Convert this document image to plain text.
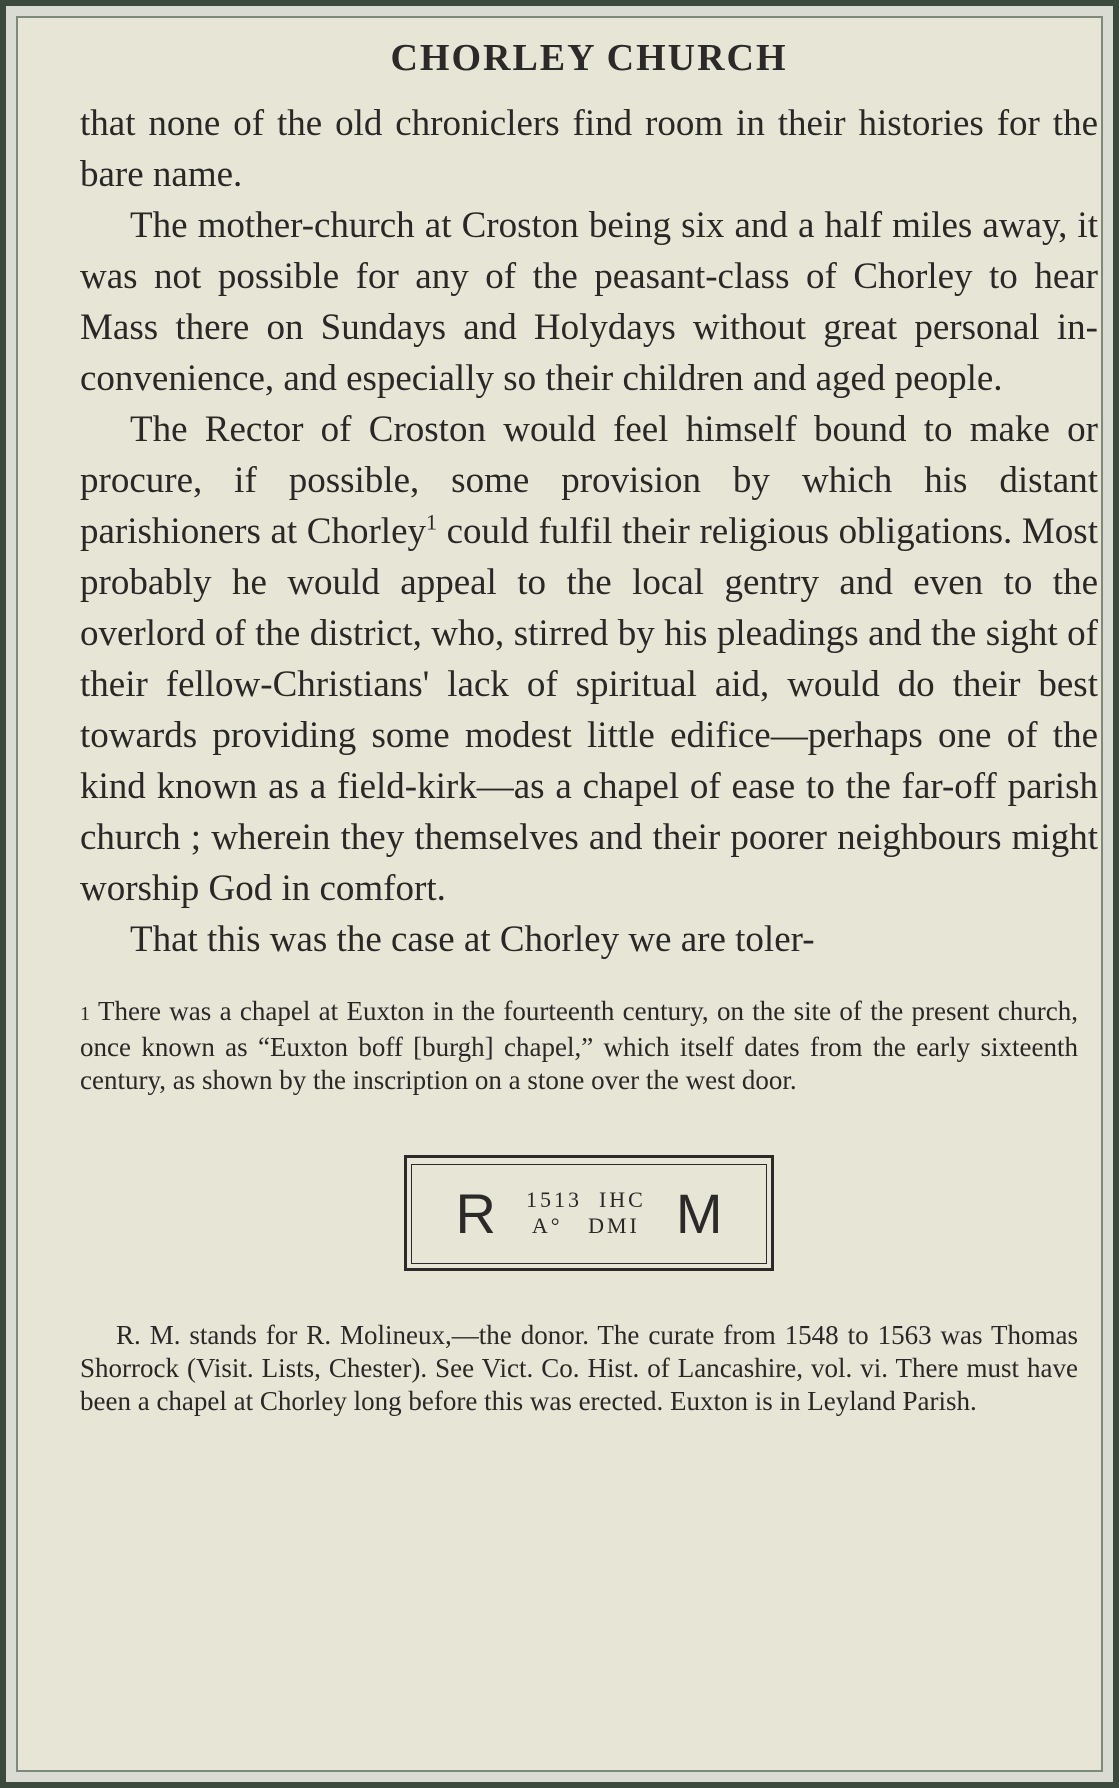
CHORLEY CHURCH

that none of the old chroniclers find room in their histories for the bare name.

The mother-church at Croston being six and a half miles away, it was not possible for any of the peasant-class of Chorley to hear Mass there on Sundays and Holydays without great personal in-convenience, and especially so their children and aged people.

The Rector of Croston would feel himself bound to make or procure, if possible, some provision by which his distant parishioners at Chorley$^1$ could fulfil their religious obligations. Most probably he would appeal to the local gentry and even to the overlord of the district, who, stirred by his pleadings and the sight of their fellow-Christians' lack of spiritual aid, would do their best towards providing some modest little edifice—perhaps one of the kind known as a field-kirk—as a chapel of ease to the far-off parish church ; wherein they themselves and their poorer neighbours might worship God in comfort.

That this was the case at Chorley we are toler-

1 There was a chapel at Euxton in the fourteenth century, on the site of the present church, once known as “Euxton boff [burgh] chapel,” which itself dates from the early sixteenth century, as shown by the inscription on a stone over the west door.
R 1513 IHC
A° DMI M
R. M. stands for R. Molineux,—the donor. The curate from 1548 to 1563 was Thomas Shorrock (Visit. Lists, Chester). See Vict. Co. Hist. of Lancashire, vol. vi. There must have been a chapel at Chorley long before this was erected. Euxton is in Leyland Parish.
